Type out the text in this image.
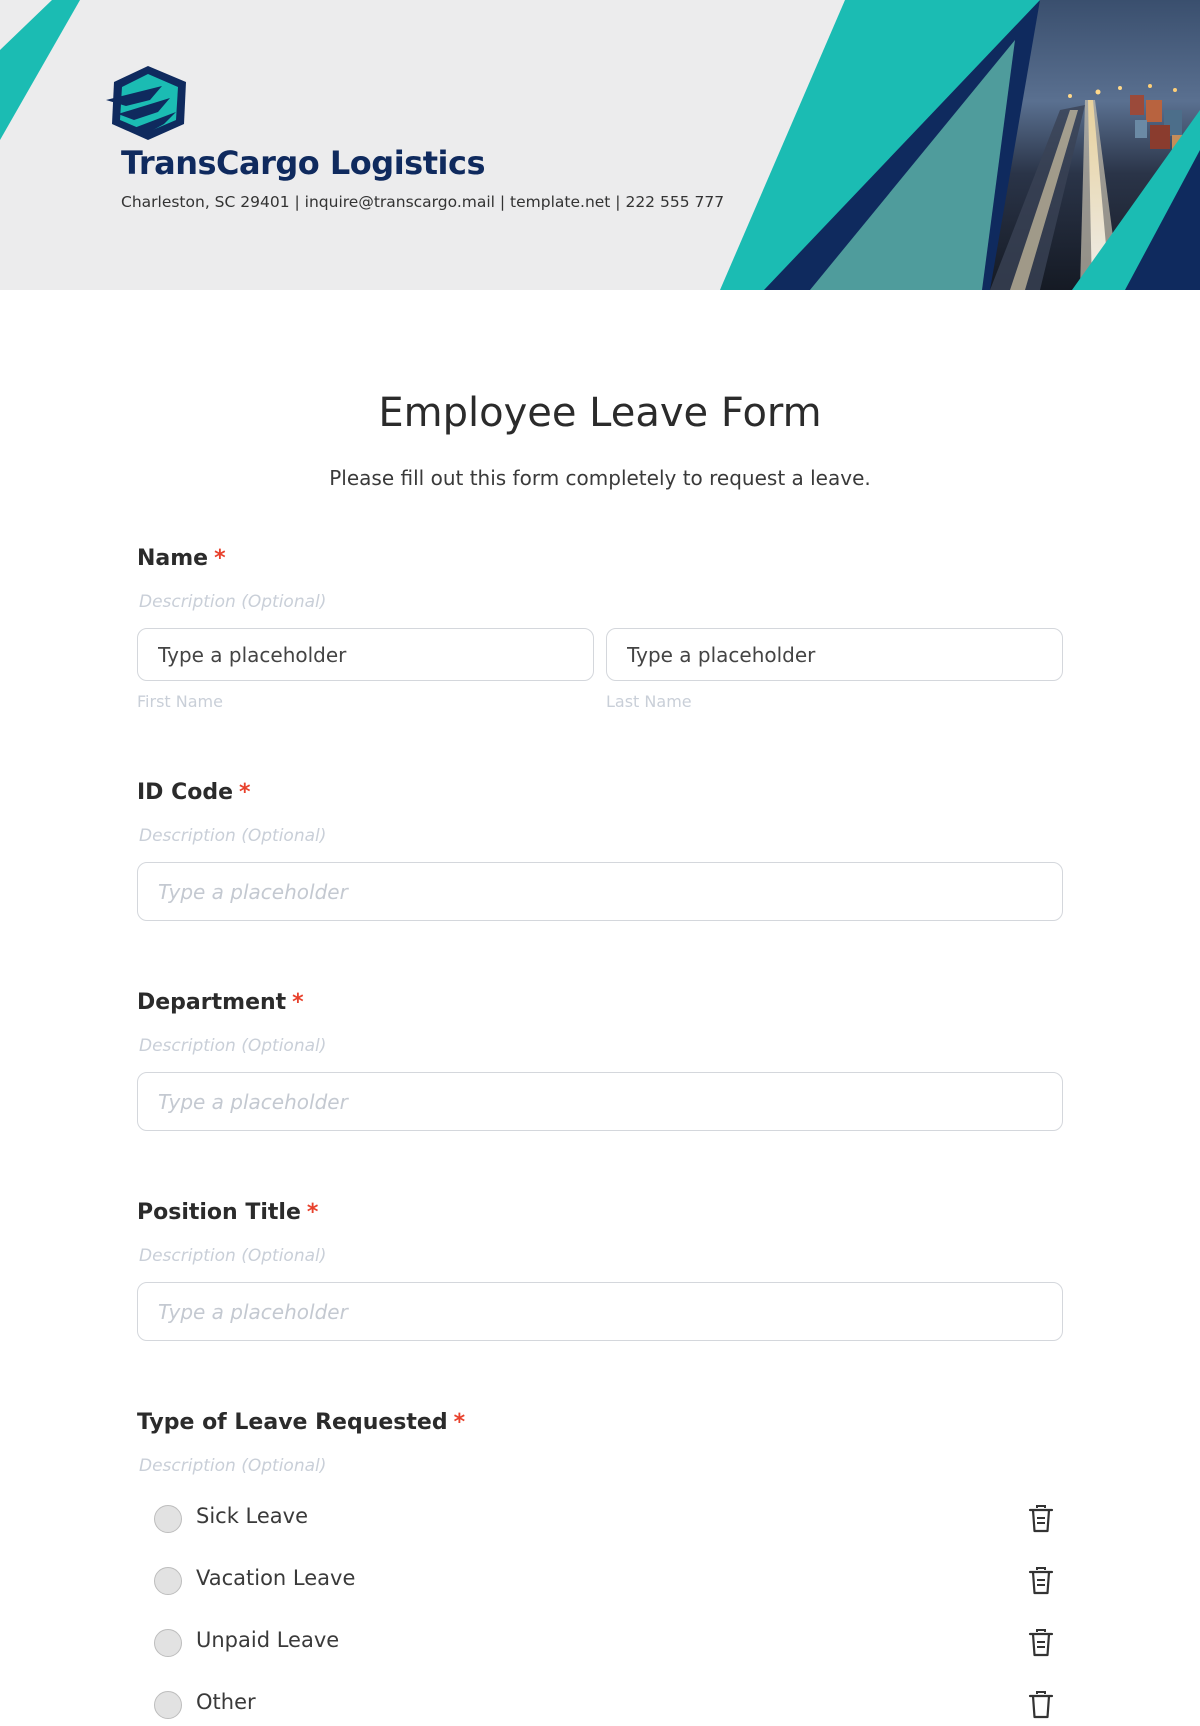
TransCargo Logistics
Charleston, SC 29401 | inquire@transcargo.mail | template.net | 222 555 777
Employee Leave Form
Please fill out this form completely to request a leave.
Name *
Description (Optional)
Type a placeholder
Type a placeholder
First Name	Last Name
ID Code *
Description (Optional)
Type a placeholder
Department *
Description (Optional)
Type a placeholder
Position Title *
Description (Optional)
Type a placeholder
Type of Leave Requested *
Description (Optional)
Sick Leave
Vacation Leave
Unpaid Leave
Other
